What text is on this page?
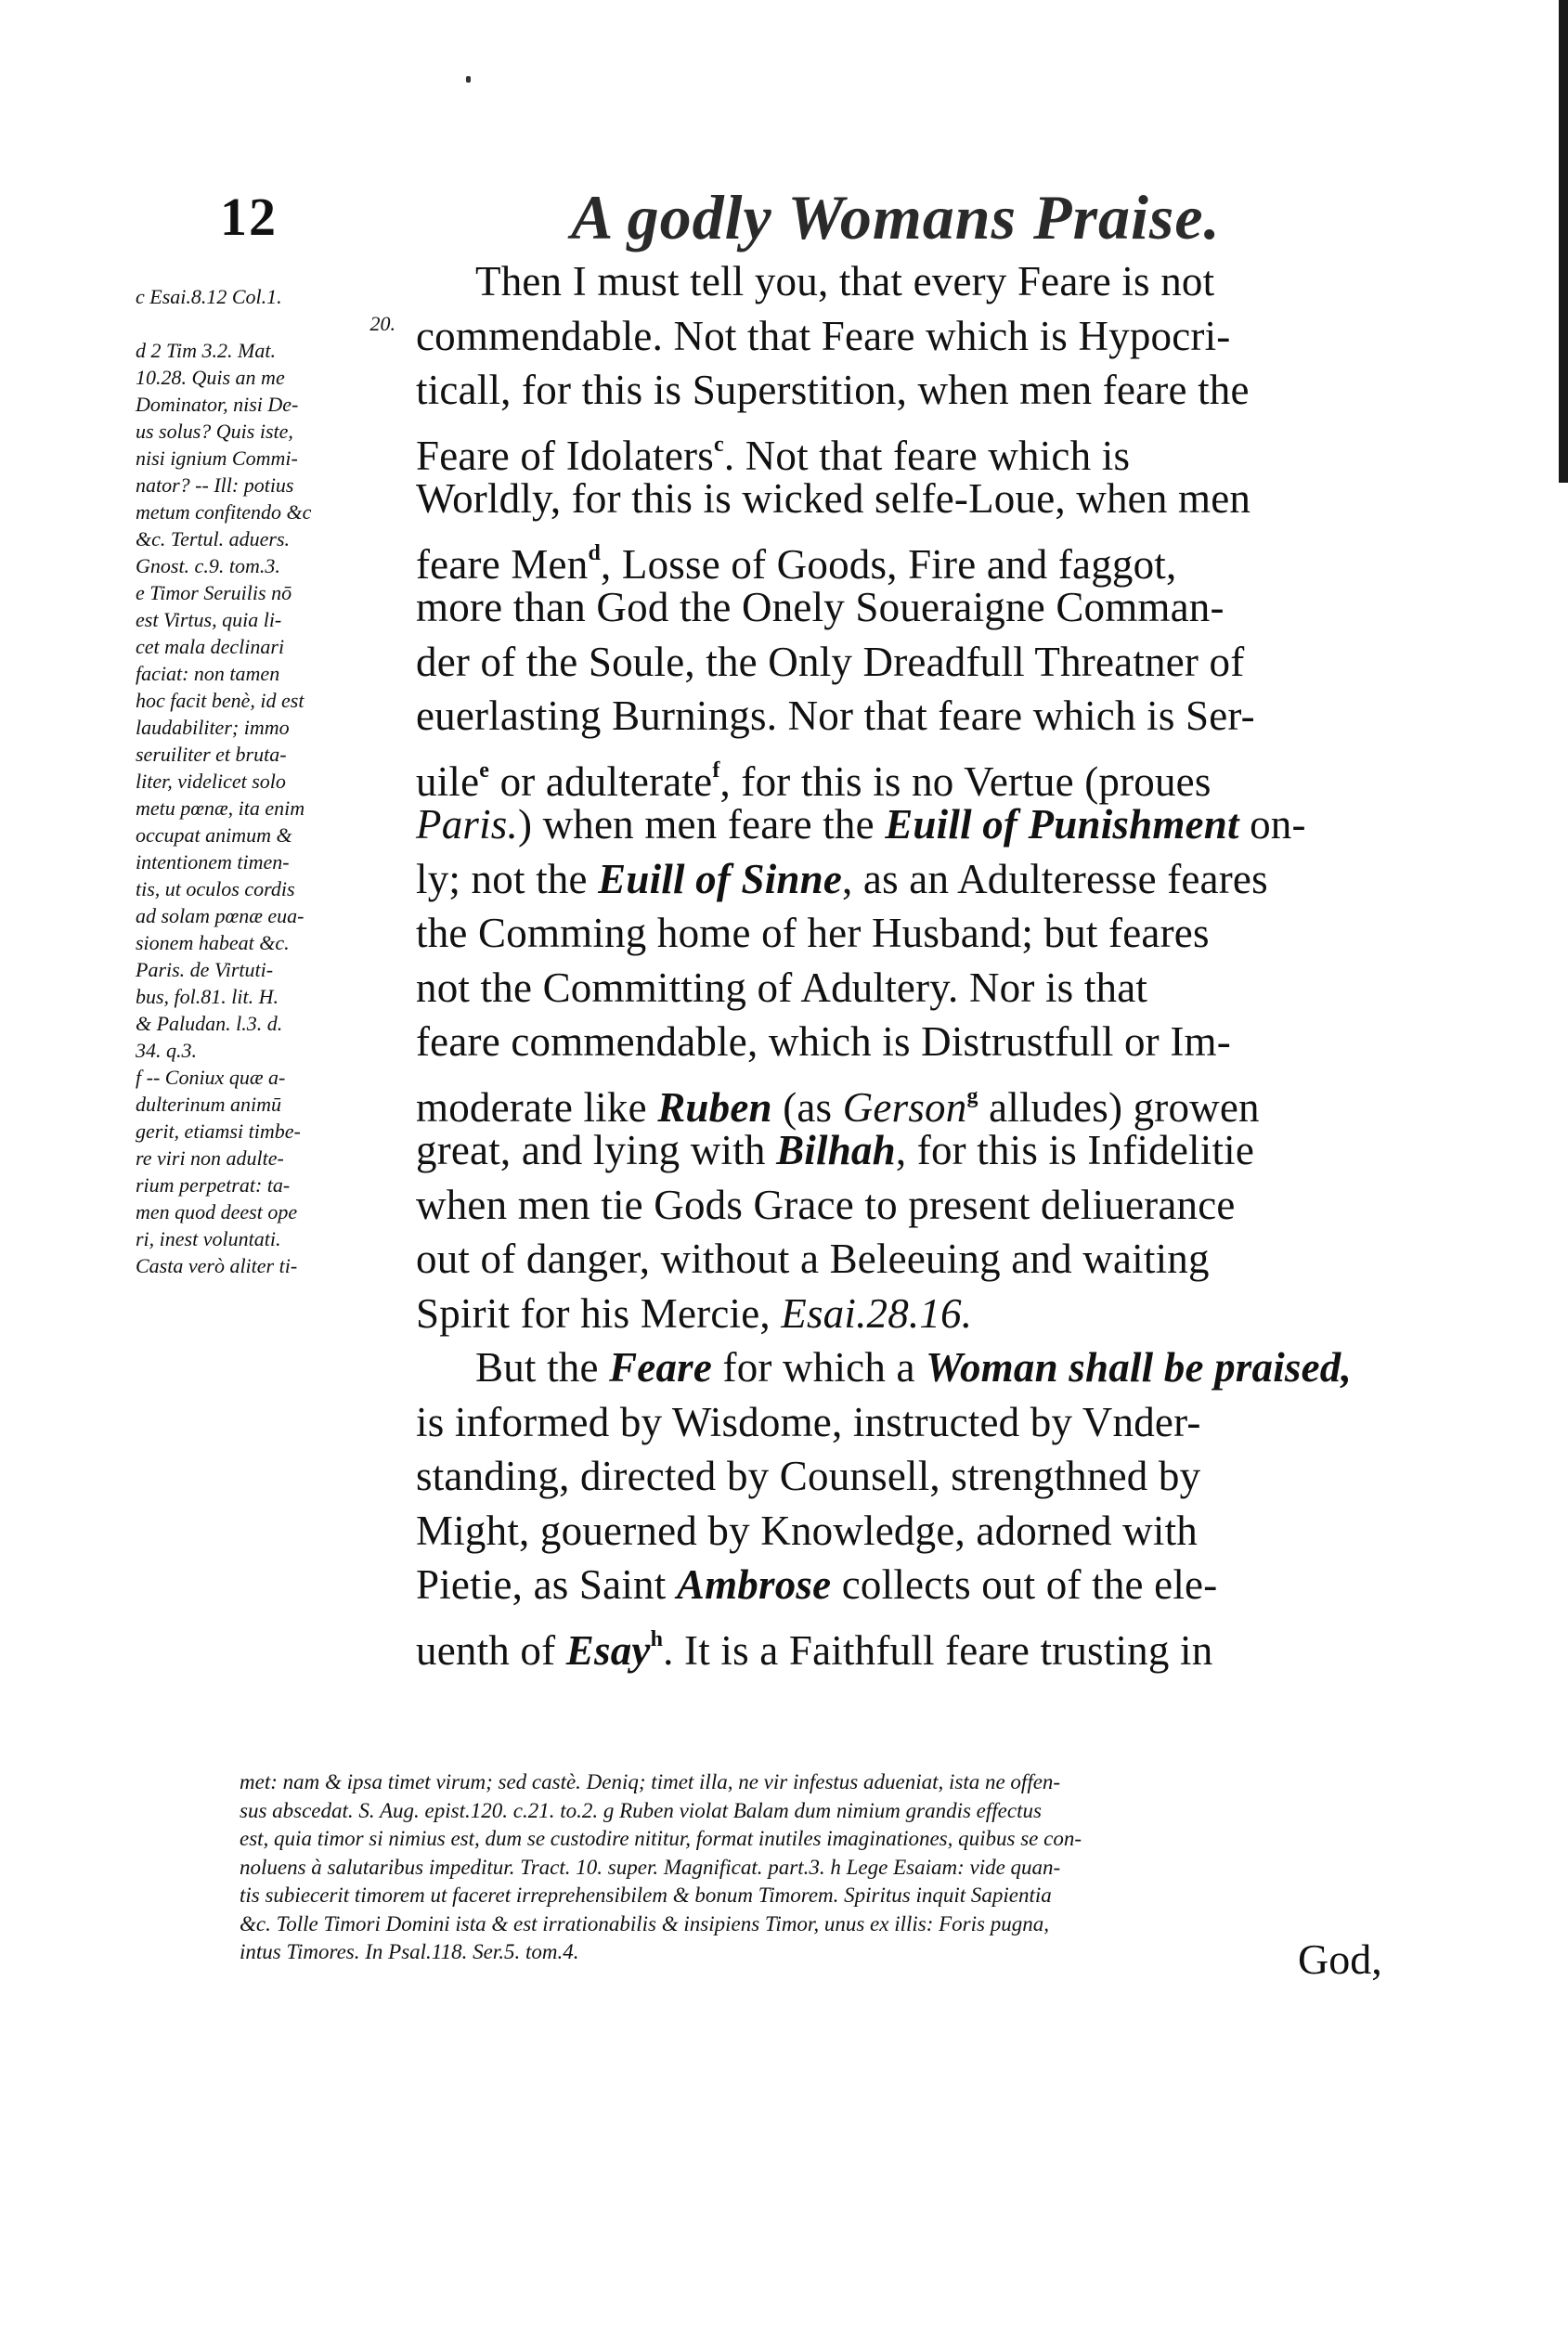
12	A godly Womans Praise.
c Esai.8.12 Col.1.
20.
d 2 Tim 3.2. Mat.
10.28. Quis an me
Dominator, nisi De-
us solus? Quis iste,
nisi ignium Commi-
nator? -- Ill: potius
metum confitendo &c
&c. Tertul. aduers.
Gnost. c.9. tom.3.
e Timor Seruilis nō
est Virtus, quia li-
cet mala declinari
faciat: non tamen
hoc facit benè, id est
laudabiliter; immo
seruiliter et bruta-
liter, videlicet solo
metu pœnæ, ita enim
occupat animum &
intentionem timen-
tis, ut oculos cordis
ad solam pœnæ eua-
sionem habeat &c.
Paris. de Virtuti-
bus, fol.81. lit. H.
& Paludan. l.3. d.
34. q.3.
f -- Coniux quæ a-
dulterinum animū
gerit, etiamsi timbe-
re viri non adulte-
rium perpetrat: ta-
men quod deest ope
ri, inest voluntati.
Casta verò aliter ti-
Then I must tell you, that every Feare is not
commendable. Not that Feare which is Hypocri-
ticall, for this is Superstition, when men feare the
Feare of Idolaters$^c$. Not that feare which is
Worldly, for this is wicked selfe-Loue, when men
feare Men$^d$, Losse of Goods, Fire and faggot,
more than God the Onely Soueraigne Comman-
der of the Soule, the Only Dreadfull Threatner of
euerlasting Burnings. Nor that feare which is Ser-
uile$^e$ or adulterate$^f$, for this is no Vertue (proues
Paris.) when men feare the Euill of Punishment on-
ly; not the Euill of Sinne, as an Adulteresse feares
the Comming home of her Husband; but feares
not the Committing of Adultery. Nor is that
feare commendable, which is Distrustfull or Im-
moderate like Ruben (as Gerson$^g$ alludes) growen
great, and lying with Bilhah, for this is Infidelitie
when men tie Gods Grace to present deliuerance
out of danger, without a Beleeuing and waiting
Spirit for his Mercie, Esai.28.16.
But the Feare for which a Woman shall be praised,
is informed by Wisdome, instructed by Vnder-
standing, directed by Counsell, strengthned by
Might, gouerned by Knowledge, adorned with
Pietie, as Saint Ambrose collects out of the ele-
uenth of Esay$^h$. It is a Faithfull feare trusting in
met: nam & ipsa timet virum; sed castè. Deniq; timet illa, ne vir infestus adueniat, ista ne offen-
sus abscedat. S. Aug. epist.120. c.21. to.2. g Ruben violat Balam dum nimium grandis effectus
est, quia timor si nimius est, dum se custodire nititur, format inutiles imaginationes, quibus se con-
noluens à salutaribus impeditur. Tract. 10. super. Magnificat. part.3. h Lege Esaiam: vide quan-
tis subiecerit timorem ut faceret irreprehensibilem & bonum Timorem. Spiritus inquit Sapientia
&c. Tolle Timori Domini ista & est irrationabilis & insipiens Timor, unus ex illis: Foris pugna,
intus Timores. In Psal.118. Ser.5. tom.4.	God,
